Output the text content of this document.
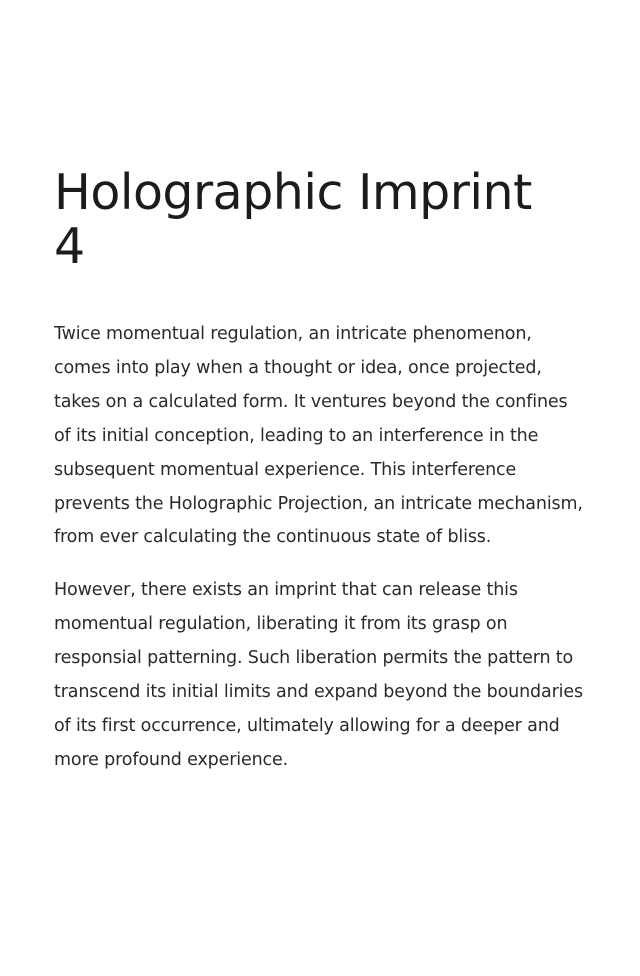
Holographic Imprint 4

Twice momentual regulation, an intricate phenomenon, comes into play when a thought or idea, once projected, takes on a calculated form. It ventures beyond the confines of its initial conception, leading to an interference in the subsequent momentual experience. This interference prevents the Holographic Projection, an intricate mechanism, from ever calculating the continuous state of bliss.

However, there exists an imprint that can release this momentual regulation, liberating it from its grasp on responsial patterning. Such liberation permits the pattern to transcend its initial limits and expand beyond the boundaries of its first occurrence, ultimately allowing for a deeper and more profound experience.
